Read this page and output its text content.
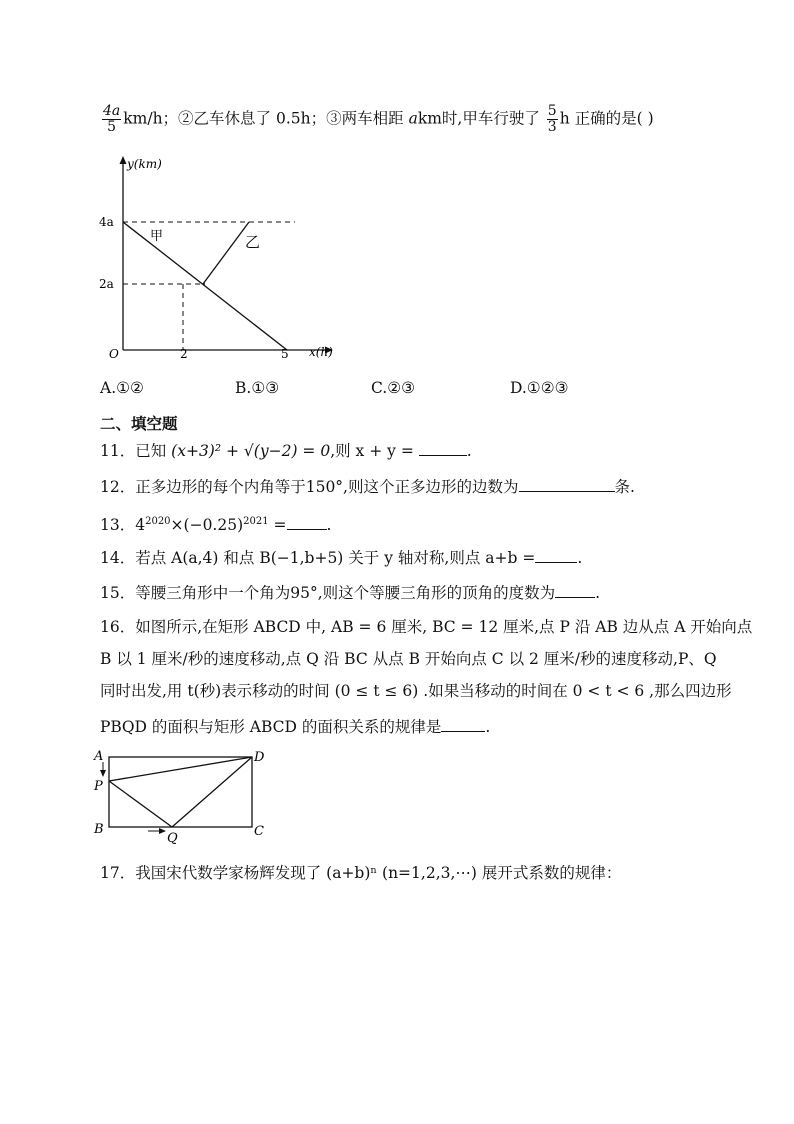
$\frac{4a}{5} km/h$；②乙车休息了 0.5h；③两车相距 akm时,甲车行驶了 $\frac{5}{3}$ h 正确的是( )
y(km)
x(h)
4a
2a
O	2	5
甲	乙
A.①②	B.①③	C.②③	D.①②③
二、填空题
11．已知 (x+3)² + √(y−2) = 0,则 x + y =	.
12．正多边形的每个内角等于150°,则这个正多边形的边数为	条.
13．$4^{2020}\times(-0.25)^{2021}$ =	.
14．若点 A(a,4) 和点 B(−1,b+5) 关于 y 轴对称,则点 a+b =	.
15．等腰三角形中一个角为95°,则这个等腰三角形的顶角的度数为	.
16．如图所示,在矩形 ABCD 中, AB = 6 厘米, BC = 12 厘米,点 P 沿 AB 边从点 A 开始向点
B 以 1 厘米/秒的速度移动,点 Q 沿 BC 从点 B 开始向点 C 以 2 厘米/秒的速度移动,P、Q
同时出发,用 t(秒)表示移动的时间 (0 ≤ t ≤ 6) .如果当移动的时间在 0 < t < 6 ,那么四边形
PBQD 的面积与矩形 ABCD 的面积关系的规律是	.
A
P
B
Q	C
D
17．我国宋代数学家杨辉发现了 (a+b)ⁿ (n=1,2,3,⋯) 展开式系数的规律：
